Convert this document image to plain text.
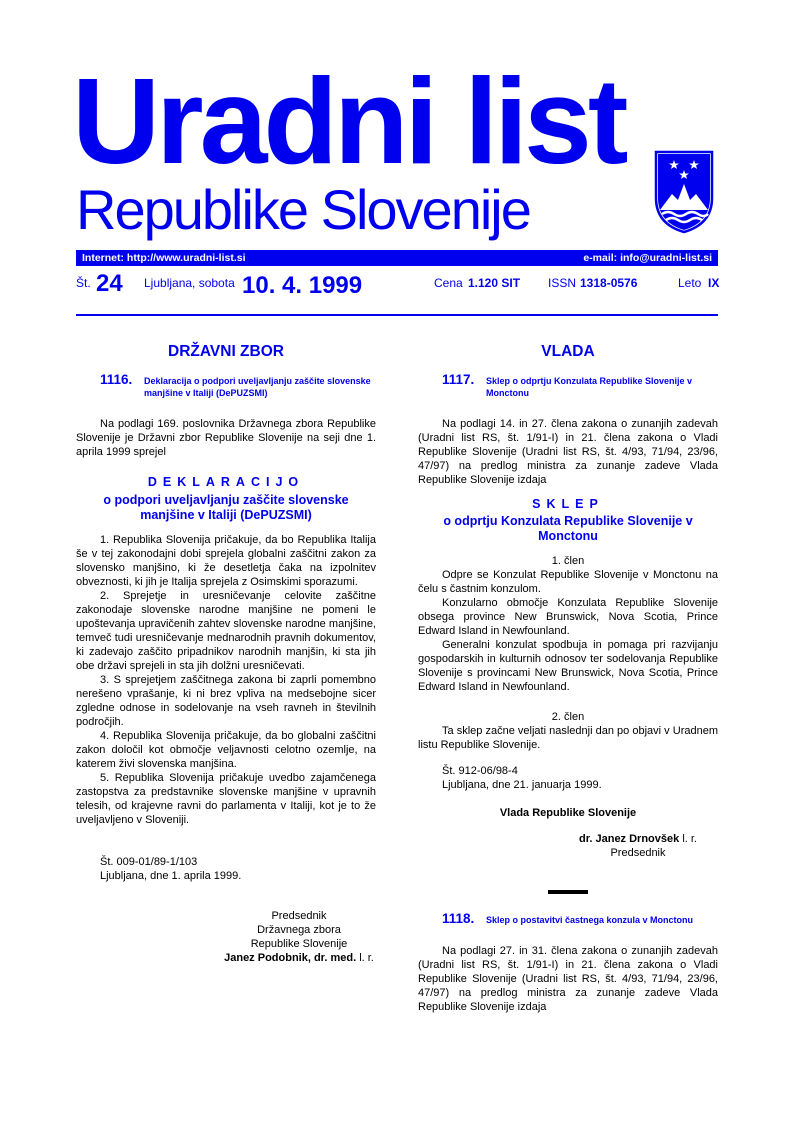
Uradni list
Republike Slovenije
Internet: http://www.uradni-list.si	e-mail: info@uradni-list.si
Št. 24 Ljubljana, sobota 10. 4. 1999	Cena 1.120 SIT ISSN 1318-0576	Leto IX

DRŽAVNI ZBOR

1116.	Deklaracija o podpori uveljavljanju zaščite slovenske manjšine v Italiji (DePUZSMI)

Na podlagi 169. poslovnika Državnega zbora Republike Slovenije je Državni zbor Republike Slovenije na seji dne 1. aprila 1999 sprejel

DEKLARACIJO

o podpori uveljavljanju zaščite slovenske manjšine v Italiji (DePUZSMI)

1. Republika Slovenija pričakuje, da bo Republika Italija še v tej zakonodajni dobi sprejela globalni zaščitni zakon za slovensko manjšino, ki že desetletja čaka na izpolnitev obveznosti, ki jih je Italija sprejela z Osimskimi sporazumi.

2. Sprejetje in uresničevanje celovite zaščitne zakonodaje slovenske narodne manjšine ne pomeni le upoštevanja upravičenih zahtev slovenske narodne manjšine, temveč tudi uresničevanje mednarodnih pravnih dokumentov, ki zadevajo zaščito pripadnikov narodnih manjšin, ki sta jih obe državi sprejeli in sta jih dolžni uresničevati.

3. S sprejetjem zaščitnega zakona bi zaprli pomembno nerešeno vprašanje, ki ni brez vpliva na medsebojne sicer zgledne odnose in sodelovanje na vseh ravneh in številnih področjih.

4. Republika Slovenija pričakuje, da bo globalni zaščitni zakon določil kot območje veljavnosti celotno ozemlje, na katerem živi slovenska manjšina.

5. Republika Slovenija pričakuje uvedbo zajamčenega zastopstva za predstavnike slovenske manjšine v upravnih telesih, od krajevne ravni do parlamenta v Italiji, kot je to že uveljavljeno v Sloveniji.

Št. 009-01/89-1/103

Ljubljana, dne 1. aprila 1999.

Predsednik

Državnega zbora

Republike Slovenije

Janez Podobnik, dr. med. l. r.

VLADA

1117.	Sklep o odprtju Konzulata Republike Slovenije v Monctonu

Na podlagi 14. in 27. člena zakona o zunanjih zadevah (Uradni list RS, št. 1/91-I) in 21. člena zakona o Vladi Republike Slovenije (Uradni list RS, št. 4/93, 71/94, 23/96, 47/97) na predlog ministra za zunanje zadeve Vlada Republike Slovenije izdaja

SKLEP

o odprtju Konzulata Republike Slovenije v Monctonu

1. člen

Odpre se Konzulat Republike Slovenije v Monctonu na čelu s častnim konzulom.

Konzularno območje Konzulata Republike Slovenije obsega province New Brunswick, Nova Scotia, Prince Edward Island in Newfounland.

Generalni konzulat spodbuja in pomaga pri razvijanju gospodarskih in kulturnih odnosov ter sodelovanja Republike Slovenije s provincami New Brunswick, Nova Scotia, Prince Edward Island in Newfounland.

2. člen

Ta sklep začne veljati naslednji dan po objavi v Uradnem listu Republike Slovenije.

Št. 912-06/98-4

Ljubljana, dne 21. januarja 1999.

Vlada Republike Slovenije

dr. Janez Drnovšek l. r.

Predsednik

1118.	Sklep o postavitvi častnega konzula v Monctonu

Na podlagi 27. in 31. člena zakona o zunanjih zadevah (Uradni list RS, št. 1/91-I) in 21. člena zakona o Vladi Republike Slovenije (Uradni list RS, št. 4/93, 71/94, 23/96, 47/97) na predlog ministra za zunanje zadeve Vlada Republike Slovenije izdaja
